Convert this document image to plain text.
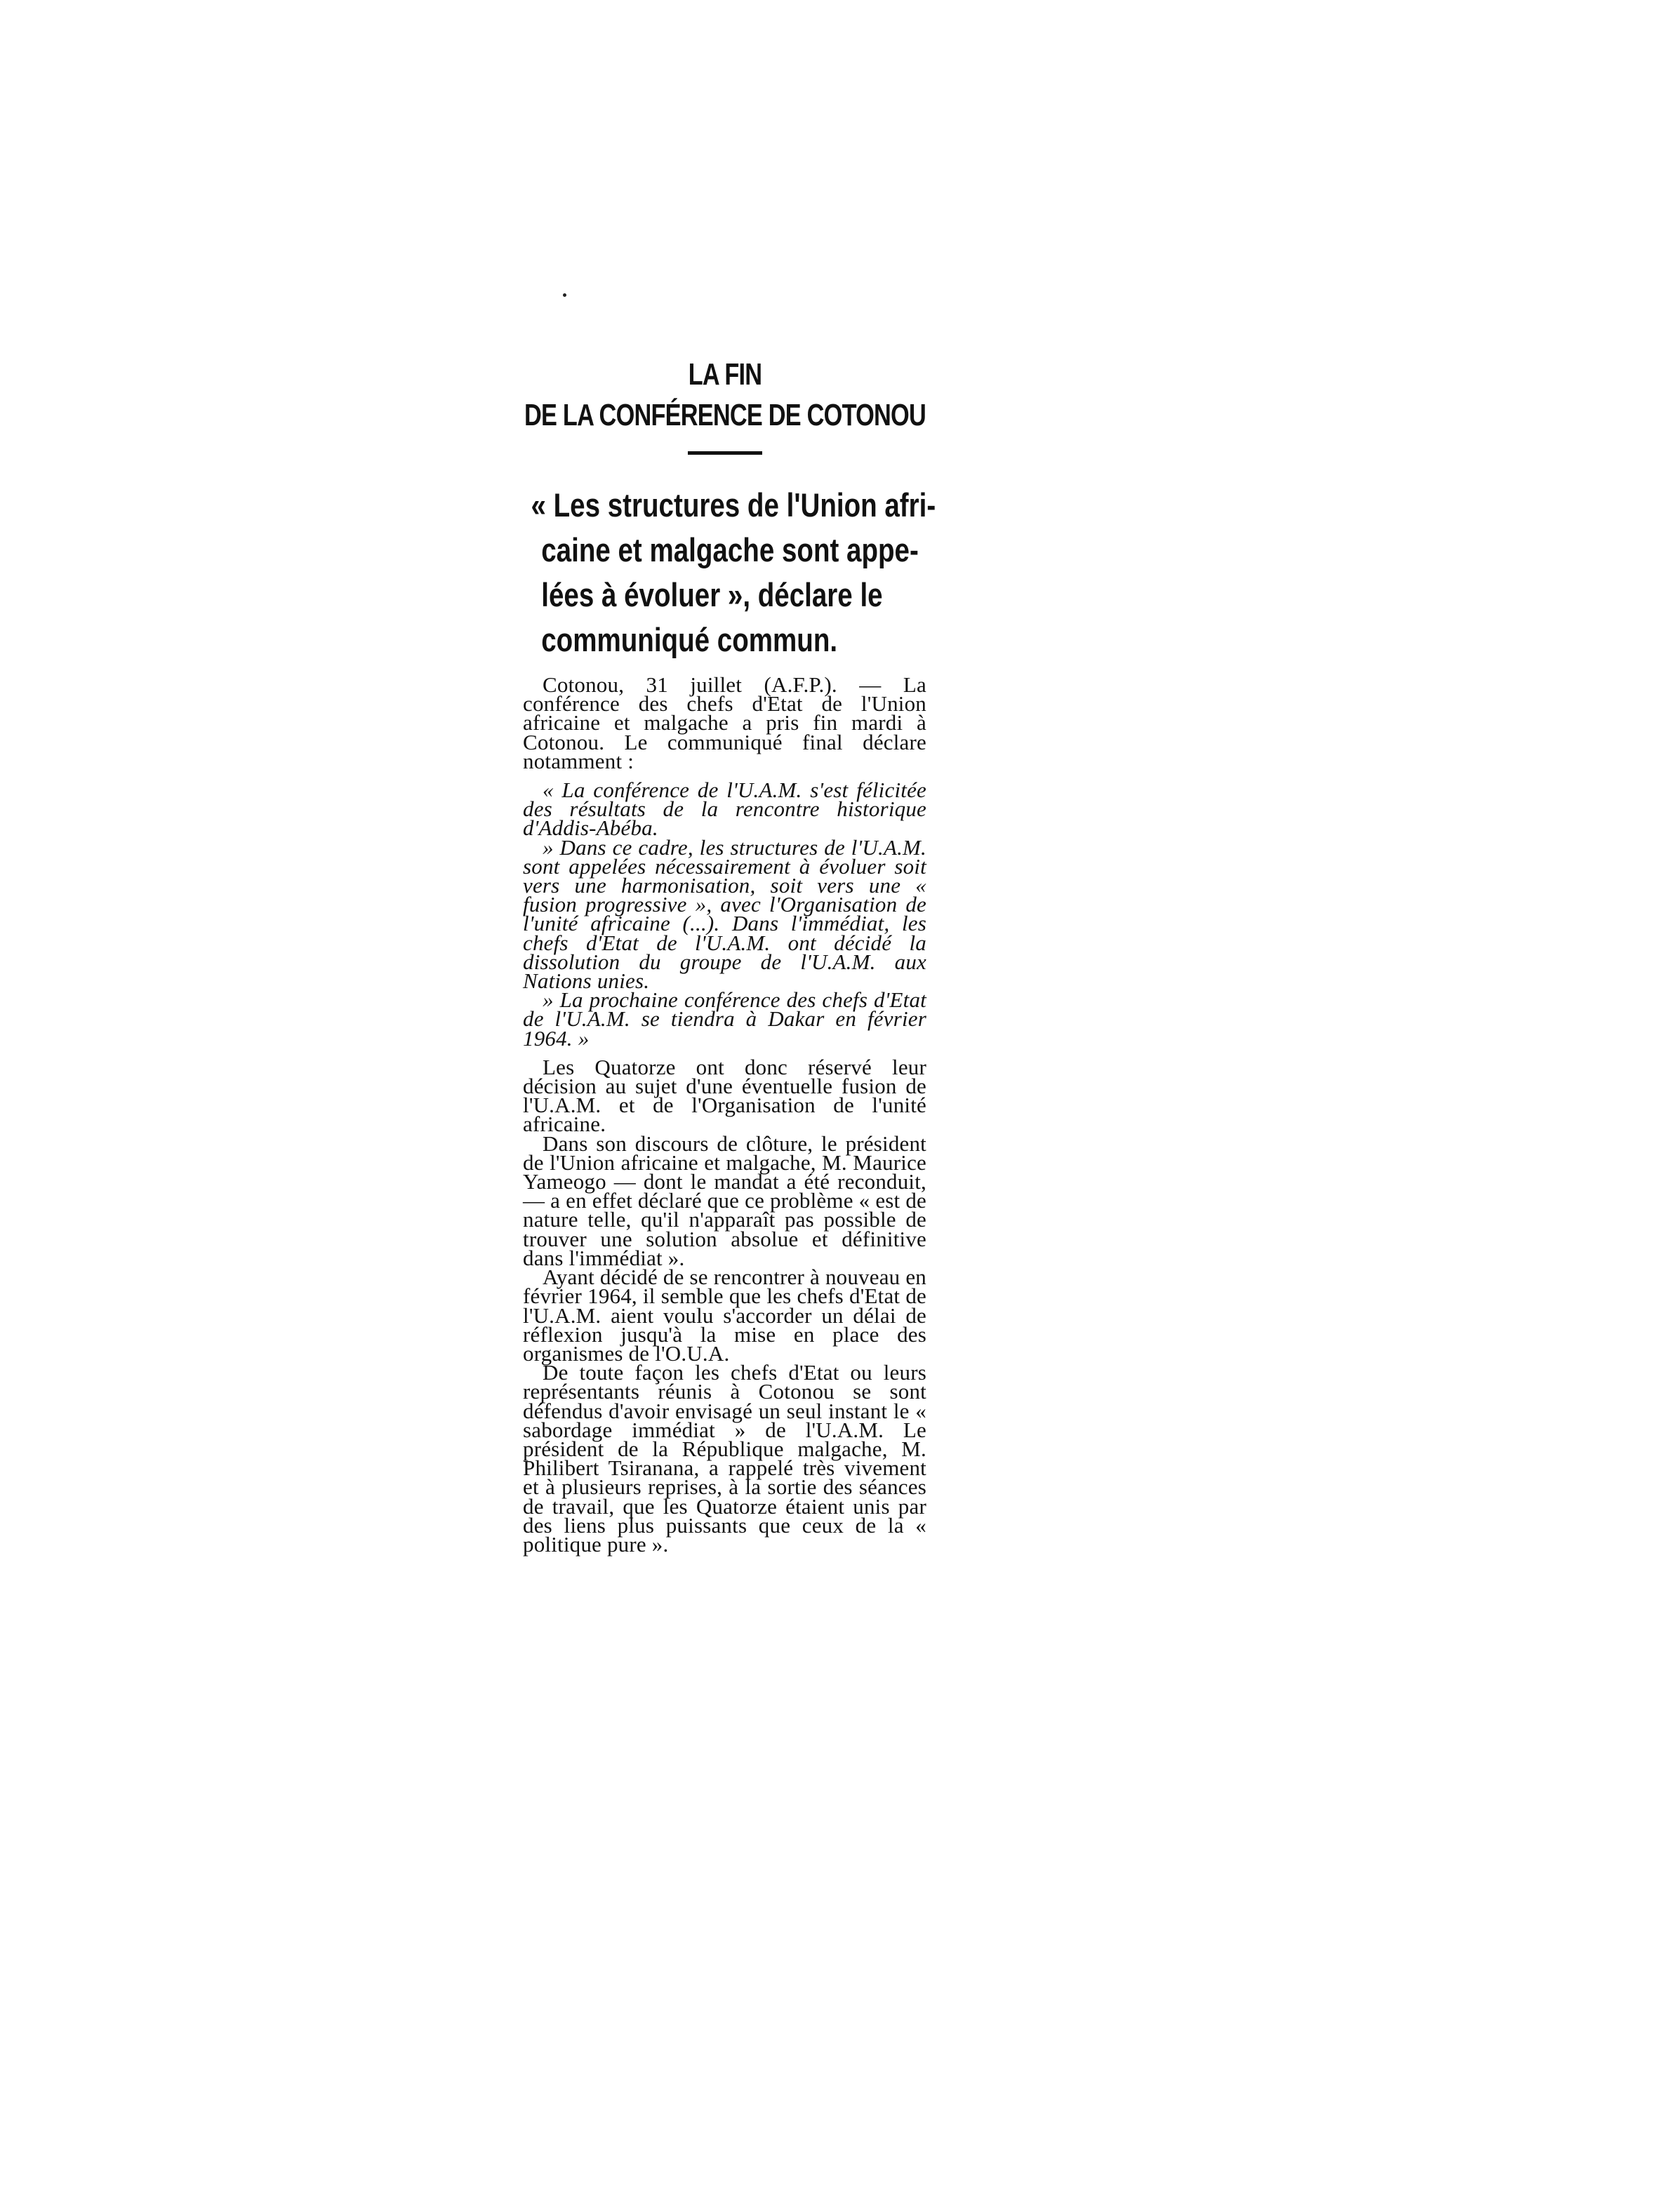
LA FIN
DE LA CONFÉRENCE DE COTONOU
« Les structures de l'Union afri-
caine et malgache sont appe-
lées à évoluer », déclare le
communiqué commun.

Cotonou, 31 juillet (A.F.P.). — La conférence des chefs d'Etat de l'Union africaine et malgache a pris fin mardi à Cotonou. Le communiqué final déclare notamment :

« La conférence de l'U.A.M. s'est félicitée des résultats de la rencontre historique d'Addis-Abéba.

» Dans ce cadre, les structures de l'U.A.M. sont appelées nécessairement à évoluer soit vers une harmonisation, soit vers une « fusion progressive », avec l'Organisation de l'unité africaine (...). Dans l'immédiat, les chefs d'Etat de l'U.A.M. ont décidé la dissolution du groupe de l'U.A.M. aux Nations unies.

» La prochaine conférence des chefs d'Etat de l'U.A.M. se tiendra à Dakar en février 1964. »

Les Quatorze ont donc réservé leur décision au sujet d'une éventuelle fusion de l'U.A.M. et de l'Organisation de l'unité africaine.

Dans son discours de clôture, le président de l'Union africaine et malgache, M. Maurice Yameogo — dont le mandat a été reconduit, — a en effet déclaré que ce problème « est de nature telle, qu'il n'apparaît pas possible de trouver une solution absolue et définitive dans l'immédiat ».

Ayant décidé de se rencontrer à nouveau en février 1964, il semble que les chefs d'Etat de l'U.A.M. aient voulu s'accorder un délai de réflexion jusqu'à la mise en place des organismes de l'O.U.A.

De toute façon les chefs d'Etat ou leurs représentants réunis à Cotonou se sont défendus d'avoir envisagé un seul instant le « sabordage immédiat » de l'U.A.M. Le président de la République malgache, M. Philibert Tsiranana, a rappelé très vivement et à plusieurs reprises, à la sortie des séances de travail, que les Quatorze étaient unis par des liens plus puissants que ceux de la « politique pure ».
